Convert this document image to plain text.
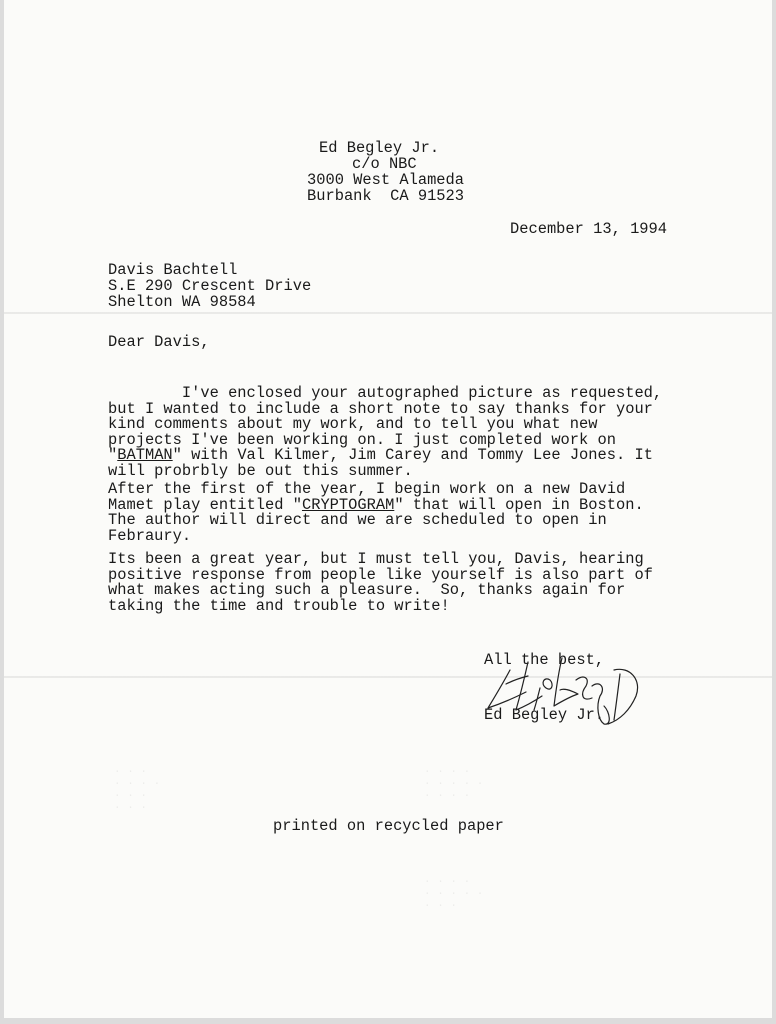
Ed Begley Jr.
c/o NBC
3000 West Alameda
Burbank  CA 91523
December 13, 1994
Davis Bachtell
S.E 290 Crescent Drive
Shelton WA 98584
Dear Davis,
I've enclosed your autographed picture as requested,
but I wanted to include a short note to say thanks for your
kind comments about my work, and to tell you what new
projects I've been working on. I just completed work on
"BATMAN" with Val Kilmer, Jim Carey and Tommy Lee Jones. It
will probrbly be out this summer.
After the first of the year, I begin work on a new David
Mamet play entitled "CRYPTOGRAM" that will open in Boston.
The author will direct and we are scheduled to open in
Febraury.
Its been a great year, but I must tell you, Davis, hearing
positive response from people like yourself is also part of
what makes acting such a pleasure.  So, thanks again for
taking the time and trouble to write!
All the best,
Ed Begley Jr.
printed on recycled paper

. . .
. . . .
. . .
. . .

. . . .
. . . . .
. . . .

. . . .
. . . . .
. . .
